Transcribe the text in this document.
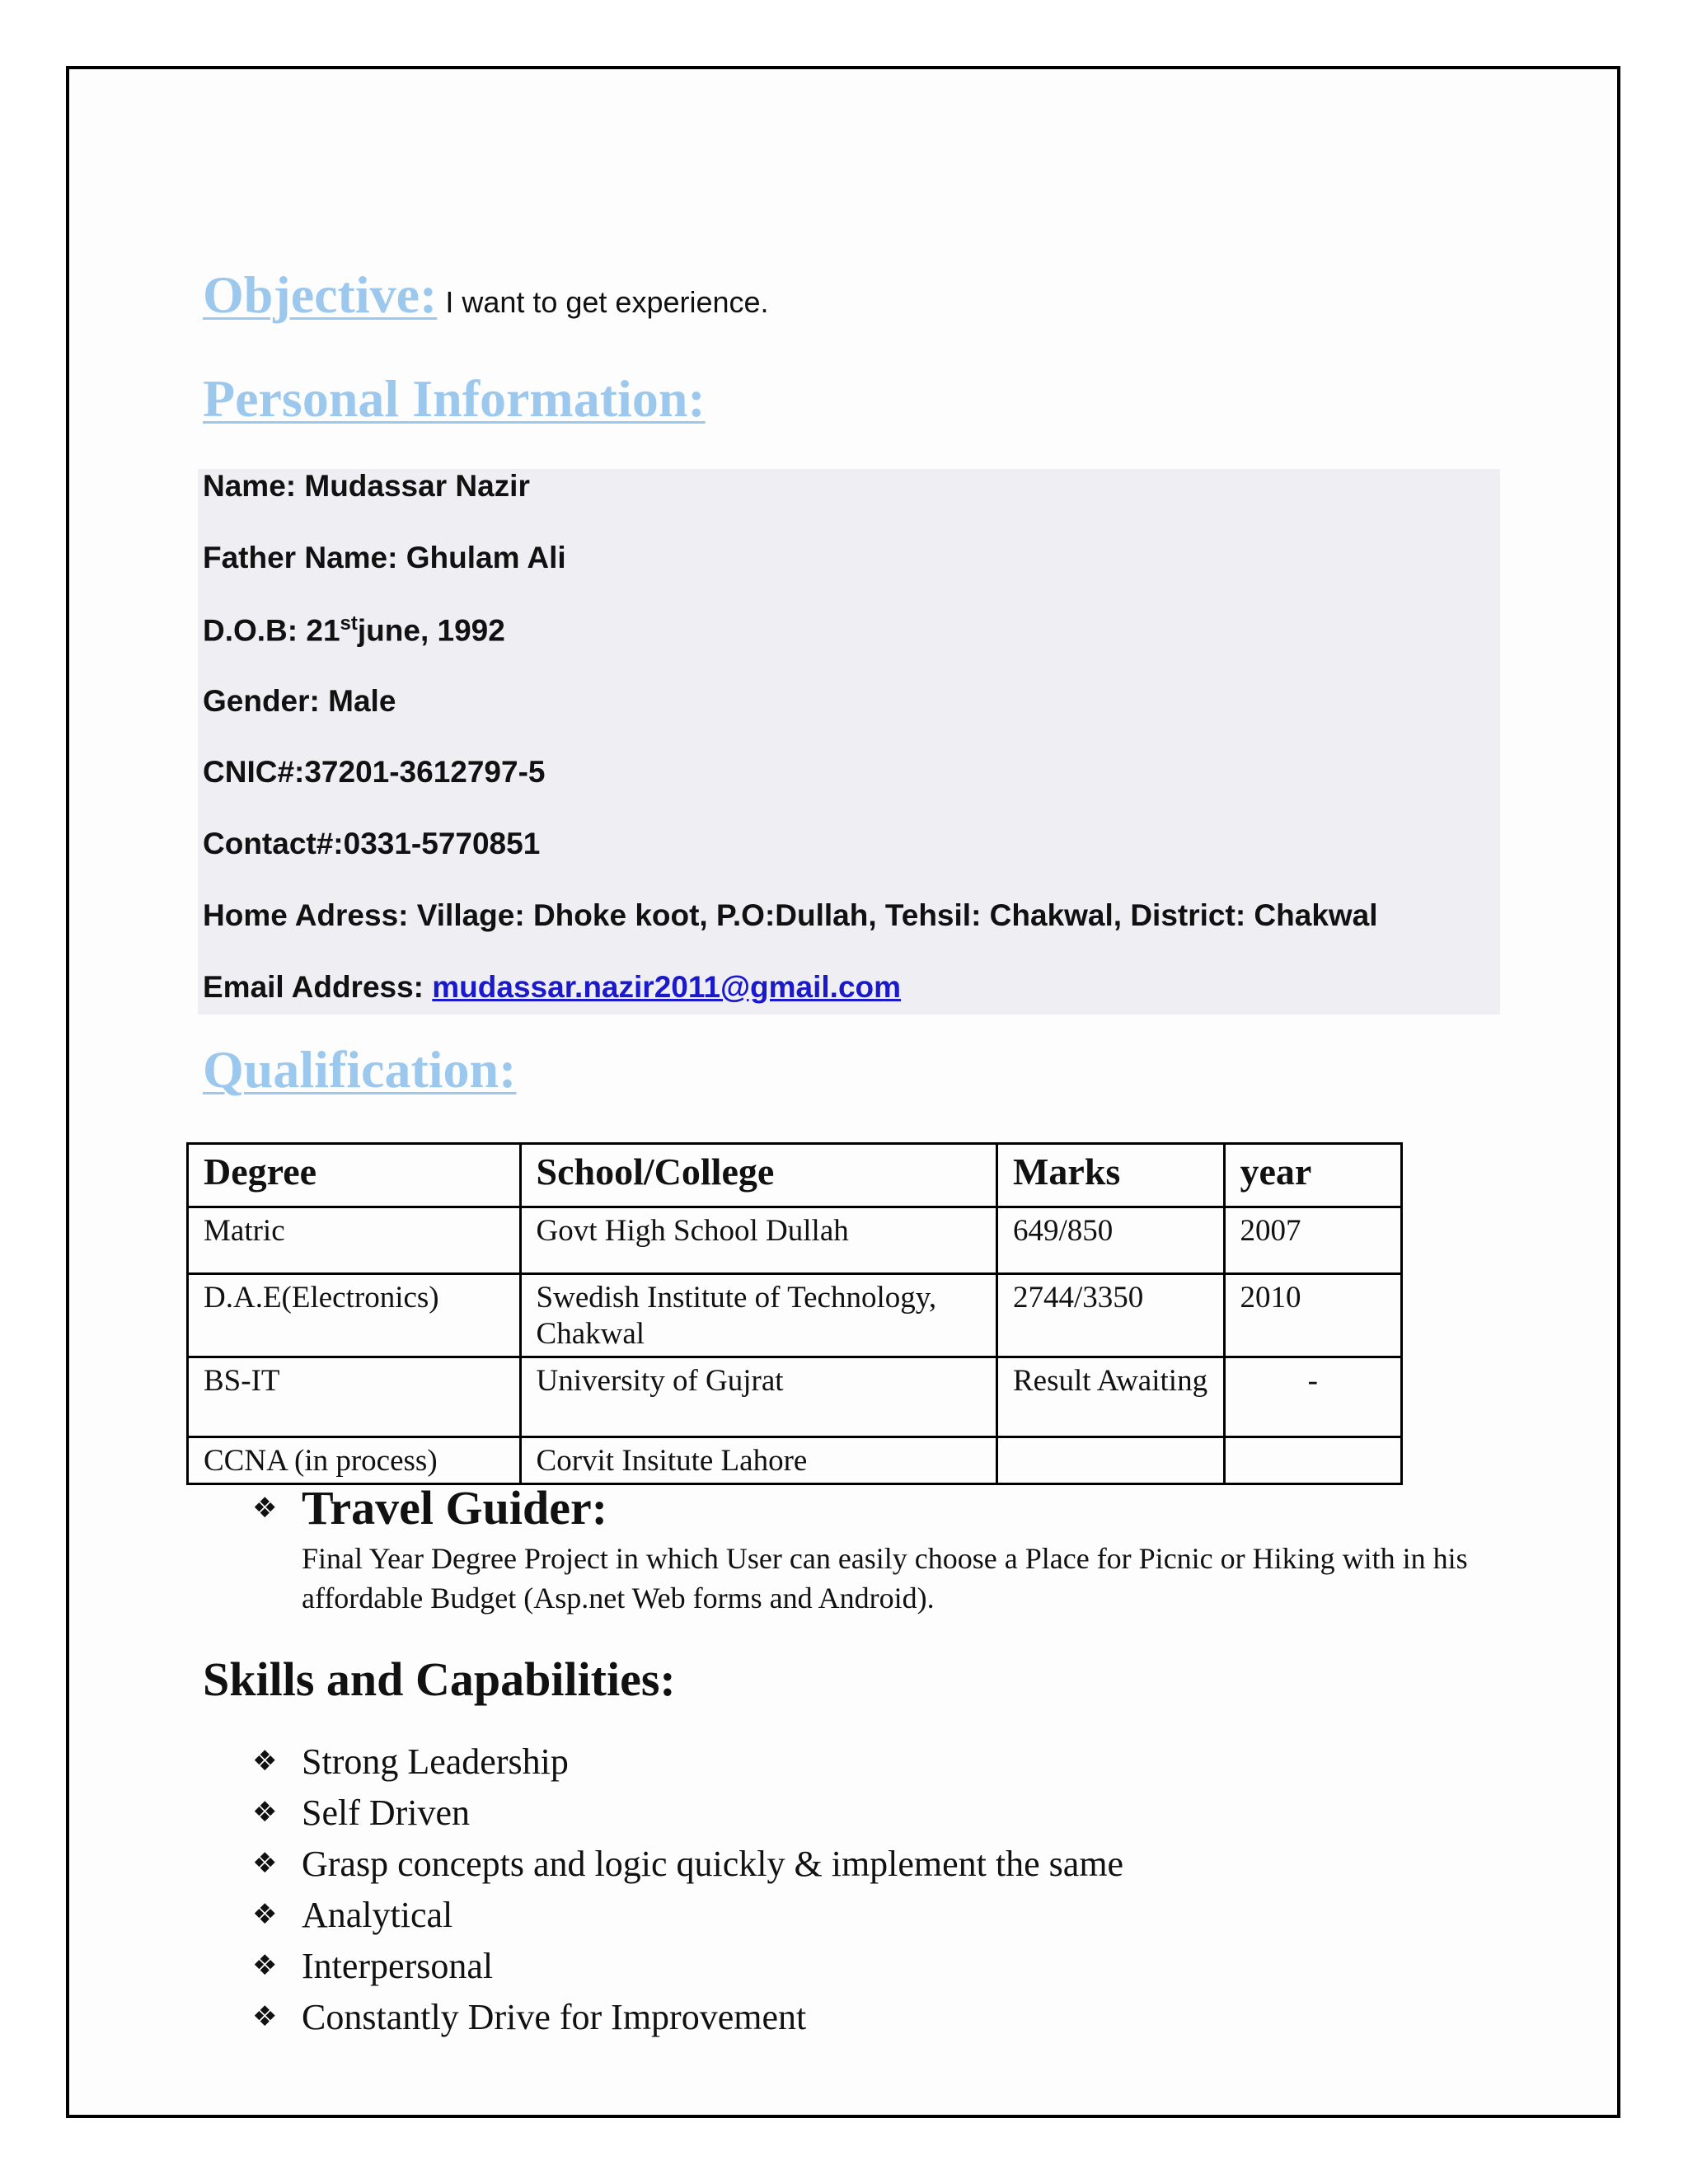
Objective: I want to get experience.
Personal Information:
Name: Mudassar Nazir
Father Name: Ghulam Ali
D.O.B: 21stjune, 1992
Gender: Male
CNIC#:37201-3612797-5
Contact#:0331-5770851
Home Adress: Village: Dhoke koot, P.O:Dullah, Tehsil: Chakwal, District: Chakwal
Email Address: mudassar.nazir2011@gmail.com
Qualification:
Degree	School/College	Marks	year
Matric	Govt High School Dullah	649/850	2007
D.A.E(Electronics)	Swedish Institute of Technology, Chakwal	2744/3350	2010
BS-IT	University of Gujrat	Result Awaiting	-
CCNA (in process)	Corvit Insitute Lahore		
❖ Travel Guider:
Final Year Degree Project in which User can easily choose a Place for Picnic or Hiking with in his affordable Budget (Asp.net Web forms and Android).
Skills and Capabilities:
❖ Strong Leadership
❖ Self Driven
❖ Grasp concepts and logic quickly & implement the same
❖ Analytical
❖ Interpersonal
❖ Constantly Drive for Improvement
